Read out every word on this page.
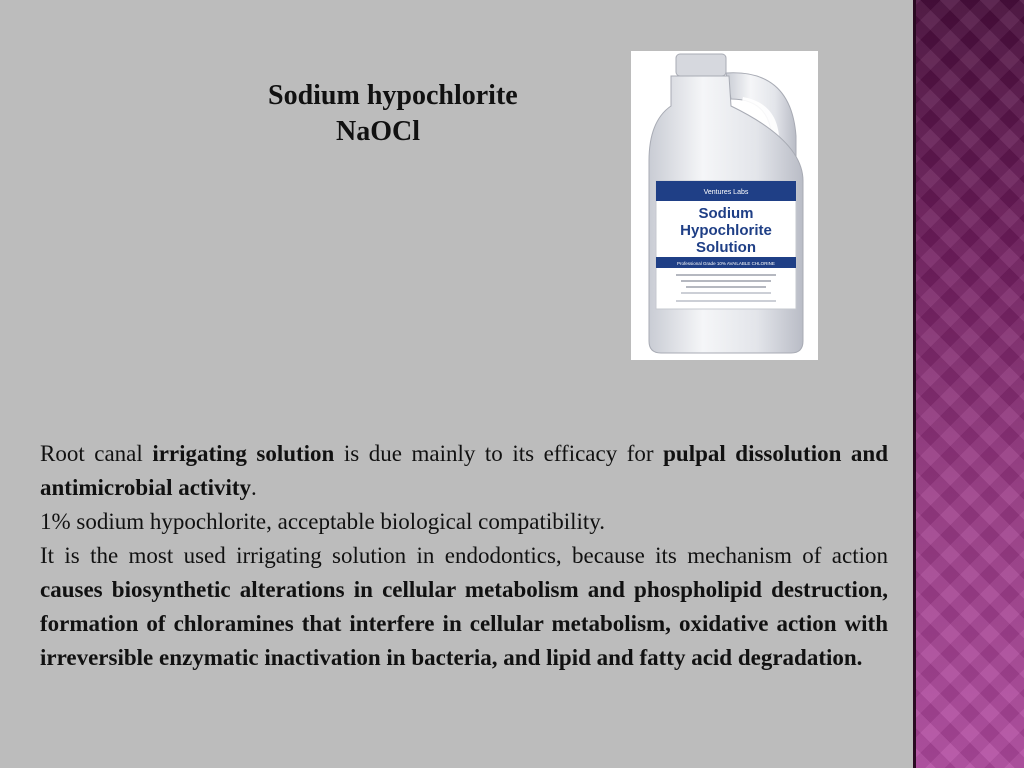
Sodium hypochlorite
NaOCl
Ventures Labs
Sodium
Hypochlorite
Solution
Professional Grade 10% AVAILABLE CHLORINE

Root canal irrigating solution is due mainly to its efficacy for pulpal dissolution and antimicrobial activity.

1% sodium hypochlorite, acceptable biological compatibility.

It is the most used irrigating solution in endodontics, because its mechanism of action causes biosynthetic alterations in cellular metabolism and phospholipid destruction, formation of chloramines that interfere in cellular metabolism, oxidative action with irreversible enzymatic inactivation in bacteria, and lipid and fatty acid degradation.
